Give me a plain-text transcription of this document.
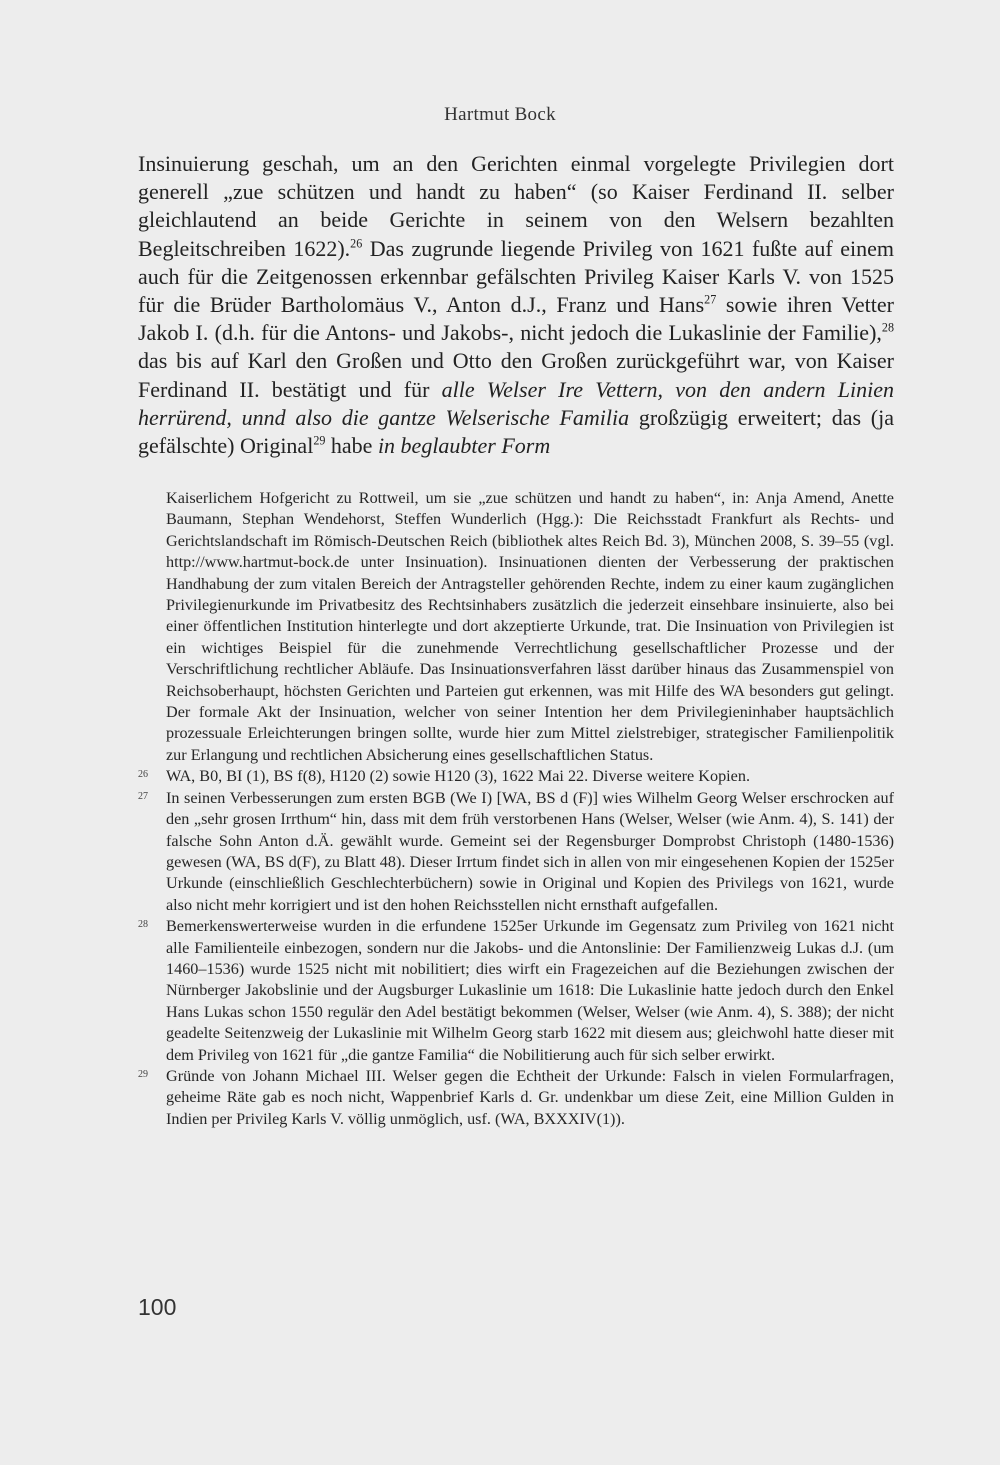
Hartmut Bock
Insinuierung geschah, um an den Gerichten einmal vorgelegte Privilegien dort generell „zue schützen und handt zu haben“ (so Kaiser Ferdinand II. selber gleichlautend an beide Gerichte in seinem von den Welsern bezahlten Begleitschreiben 1622).$^{26}$ Das zugrunde liegende Privileg von 1621 fußte auf einem auch für die Zeitgenossen erkennbar gefälschten Privileg Kaiser Karls V. von 1525 für die Brüder Bartholomäus V., Anton d.J., Franz und Hans$^{27}$ sowie ihren Vetter Jakob I. (d.h. für die Antons- und Jakobs-, nicht jedoch die Lukaslinie der Familie),$^{28}$ das bis auf Karl den Großen und Otto den Großen zurückgeführt war, von Kaiser Ferdinand II. bestätigt und für alle Welser Ire Vettern, von den andern Linien herrürend, unnd also die gantze Welserische Familia großzügig erweitert; das (ja gefälschte) Original$^{29}$ habe in beglaubter Form

Kaiserlichem Hofgericht zu Rottweil, um sie „zue schützen und handt zu haben“, in: Anja Amend, Anette Baumann, Stephan Wendehorst, Steffen Wunderlich (Hgg.): Die Reichsstadt Frankfurt als Rechts- und Gerichtslandschaft im Römisch-Deutschen Reich (bibliothek altes Reich Bd. 3), München 2008, S. 39–55 (vgl. http://www.hartmut-bock.de unter Insinuation). Insinuationen dienten der Verbesserung der praktischen Handhabung der zum vitalen Bereich der Antragsteller gehörenden Rechte, indem zu einer kaum zugänglichen Privilegienurkunde im Privatbesitz des Rechtsinhabers zusätzlich die jederzeit einsehbare insinuierte, also bei einer öffentlichen Institution hinterlegte und dort akzeptierte Urkunde, trat. Die Insinuation von Privilegien ist ein wichtiges Beispiel für die zunehmende Verrechtlichung gesellschaftlicher Prozesse und der Verschriftlichung rechtlicher Abläufe. Das Insinuationsverfahren lässt darüber hinaus das Zusammenspiel von Reichsoberhaupt, höchsten Gerichten und Parteien gut erkennen, was mit Hilfe des WA besonders gut gelingt. Der formale Akt der Insinuation, welcher von seiner Intention her dem Privilegieninhaber hauptsächlich prozessuale Erleichterungen bringen sollte, wurde hier zum Mittel zielstrebiger, strategischer Familienpolitik zur Erlangung und rechtlichen Absicherung eines gesellschaftlichen Status.

26 WA, B0, BI (1), BS f(8), H120 (2) sowie H120 (3), 1622 Mai 22. Diverse weitere Kopien.

27 In seinen Verbesserungen zum ersten BGB (We I) [WA, BS d (F)] wies Wilhelm Georg Welser erschrocken auf den „sehr grosen Irrthum“ hin, dass mit dem früh verstorbenen Hans (Welser, Welser (wie Anm. 4), S. 141) der falsche Sohn Anton d.Ä. gewählt wurde. Gemeint sei der Regensburger Domprobst Christoph (1480-1536) gewesen (WA, BS d(F), zu Blatt 48). Dieser Irrtum findet sich in allen von mir eingesehenen Kopien der 1525er Urkunde (einschließlich Geschlechterbüchern) sowie in Original und Kopien des Privilegs von 1621, wurde also nicht mehr korrigiert und ist den hohen Reichsstellen nicht ernsthaft aufgefallen.

28 Bemerkenswerterweise wurden in die erfundene 1525er Urkunde im Gegensatz zum Privileg von 1621 nicht alle Familienteile einbezogen, sondern nur die Jakobs- und die Antonslinie: Der Familienzweig Lukas d.J. (um 1460–1536) wurde 1525 nicht mit nobilitiert; dies wirft ein Fragezeichen auf die Beziehungen zwischen der Nürnberger Jakobslinie und der Augsburger Lukaslinie um 1618: Die Lukaslinie hatte jedoch durch den Enkel Hans Lukas schon 1550 regulär den Adel bestätigt bekommen (Welser, Welser (wie Anm. 4), S. 388); der nicht geadelte Seitenzweig der Lukaslinie mit Wilhelm Georg starb 1622 mit diesem aus; gleichwohl hatte dieser mit dem Privileg von 1621 für „die gantze Familia“ die Nobilitierung auch für sich selber erwirkt.

29 Gründe von Johann Michael III. Welser gegen die Echtheit der Urkunde: Falsch in vielen Formularfragen, geheime Räte gab es noch nicht, Wappenbrief Karls d. Gr. undenkbar um diese Zeit, eine Million Gulden in Indien per Privileg Karls V. völlig unmöglich, usf. (WA, BXXXIV(1)).

100
